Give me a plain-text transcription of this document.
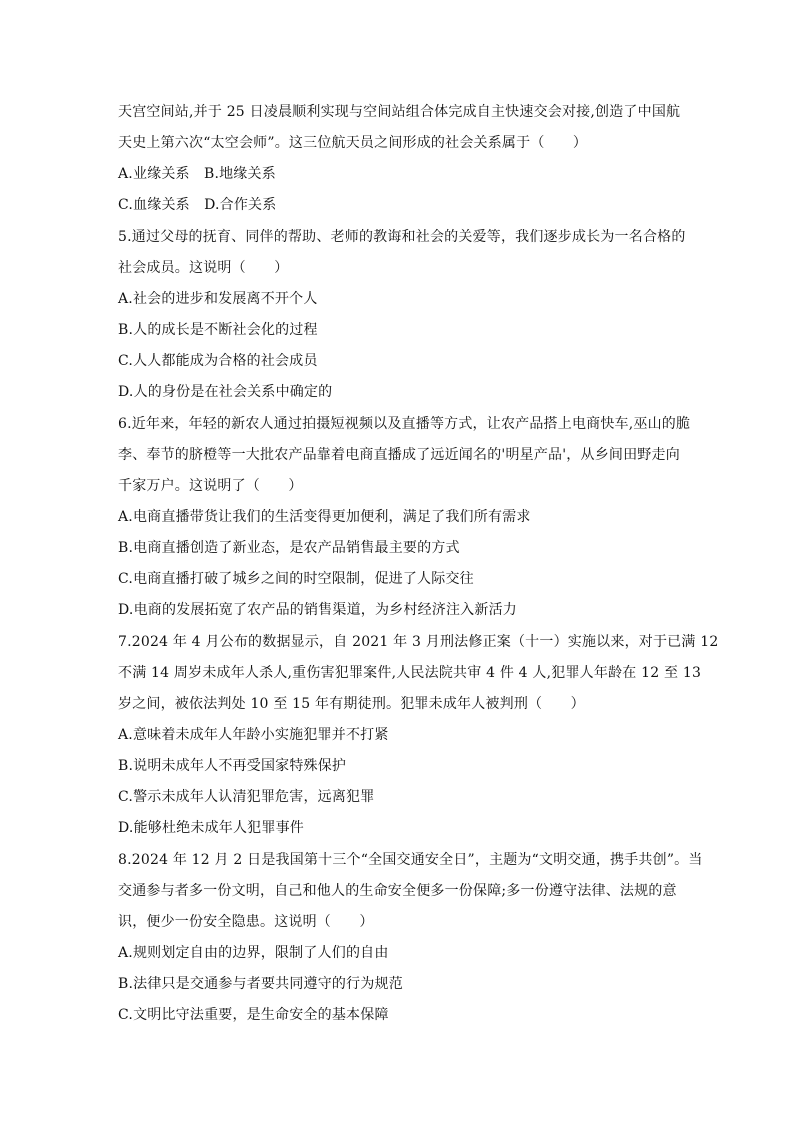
天宫空间站,并于 25 日凌晨顺利实现与空间站组合体完成自主快速交会对接,创造了中国航
天史上第六次“太空会师”。这三位航天员之间形成的社会关系属于（　　）
A.业缘关系　B.地缘关系
C.血缘关系　D.合作关系
5.通过父母的抚育、同伴的帮助、老师的教诲和社会的关爱等，我们逐步成长为一名合格的
社会成员。这说明（　　）
A.社会的进步和发展离不开个人
B.人的成长是不断社会化的过程
C.人人都能成为合格的社会成员
D.人的身份是在社会关系中确定的
6.近年来，年轻的新农人通过拍摄短视频以及直播等方式，让农产品搭上电商快车,巫山的脆
李、奉节的脐橙等一大批农产品靠着电商直播成了远近闻名的'明星产品'，从乡间田野走向
千家万户。这说明了（　　）
A.电商直播带货让我们的生活变得更加便利，满足了我们所有需求
B.电商直播创造了新业态，是农产品销售最主要的方式
C.电商直播打破了城乡之间的时空限制，促进了人际交往
D.电商的发展拓宽了农产品的销售渠道，为乡村经济注入新活力
7.2024 年 4 月公布的数据显示，自 2021 年 3 月刑法修正案（十一）实施以来，对于已满 12
不满 14 周岁未成年人杀人,重伤害犯罪案件,人民法院共审 4 件 4 人,犯罪人年龄在 12 至 13
岁之间，被依法判处 10 至 15 年有期徒刑。犯罪未成年人被判刑（　　）
A.意味着未成年人年龄小实施犯罪并不打紧
B.说明未成年人不再受国家特殊保护
C.警示未成年人认清犯罪危害，远离犯罪
D.能够杜绝未成年人犯罪事件
8.2024 年 12 月 2 日是我国第十三个“全国交通安全日”，主题为“文明交通，携手共创”。当
交通参与者多一份文明，自己和他人的生命安全便多一份保障;多一份遵守法律、法规的意
识，便少一份安全隐患。这说明（　　）
A.规则划定自由的边界，限制了人们的自由
B.法律只是交通参与者要共同遵守的行为规范
C.文明比守法重要，是生命安全的基本保障
